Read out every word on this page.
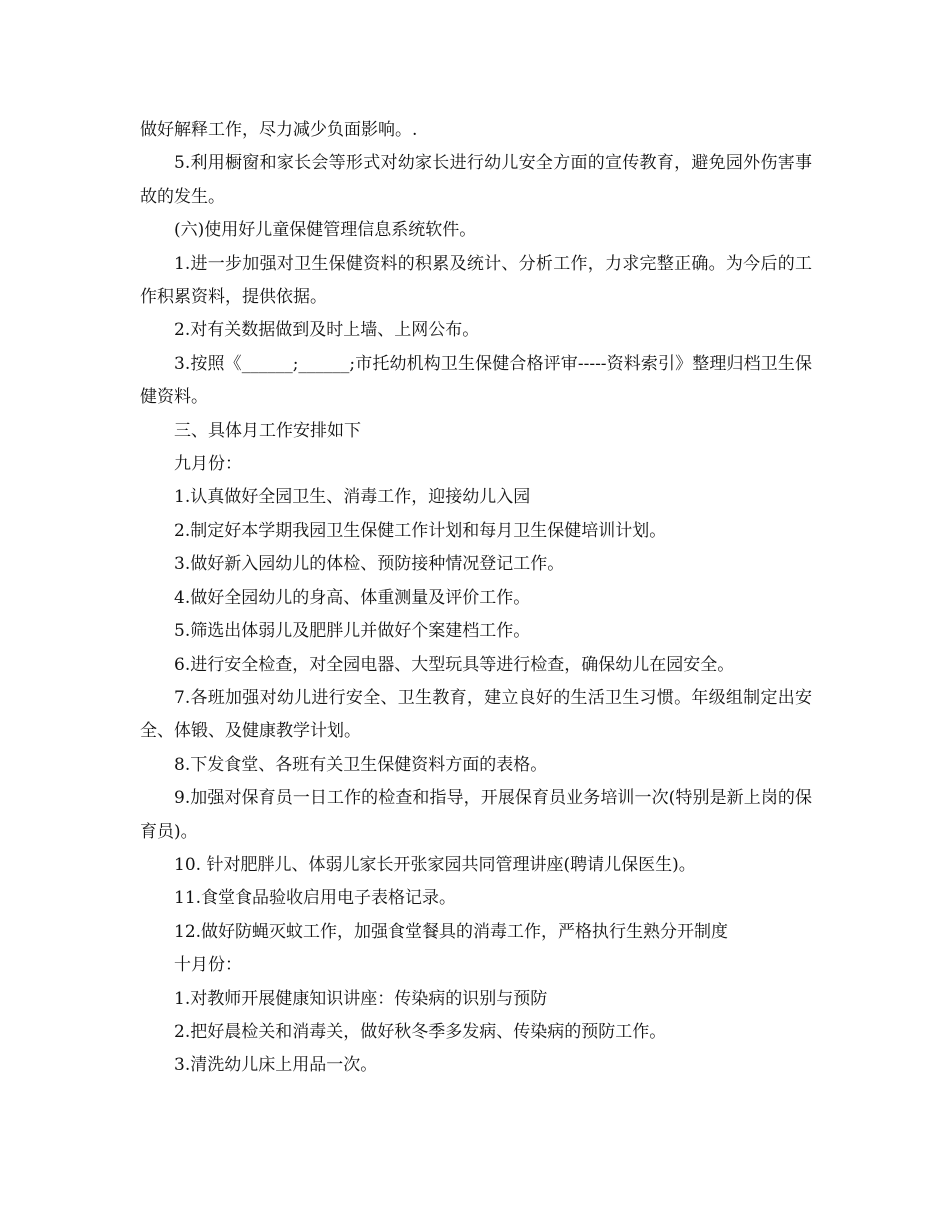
做好解释工作，尽力减少负面影响。.

5.利用橱窗和家长会等形式对幼家长进行幼儿安全方面的宣传教育，避免园外伤害事故的发生。

(六)使用好儿童保健管理信息系统软件。

1.进一步加强对卫生保健资料的积累及统计、分析工作，力求完整正确。为今后的工作积累资料，提供依据。

2.对有关数据做到及时上墙、上网公布。

3.按照《______;______;市托幼机构卫生保健合格评审-----资料索引》整理归档卫生保健资料。

三、具体月工作安排如下

九月份：

1.认真做好全园卫生、消毒工作，迎接幼儿入园

2.制定好本学期我园卫生保健工作计划和每月卫生保健培训计划。

3.做好新入园幼儿的体检、预防接种情况登记工作。

4.做好全园幼儿的身高、体重测量及评价工作。

5.筛选出体弱儿及肥胖儿并做好个案建档工作。

6.进行安全检查，对全园电器、大型玩具等进行检查，确保幼儿在园安全。

7.各班加强对幼儿进行安全、卫生教育，建立良好的生活卫生习惯。年级组制定出安全、体锻、及健康教学计划。

8.下发食堂、各班有关卫生保健资料方面的表格。

9.加强对保育员一日工作的检查和指导，开展保育员业务培训一次(特别是新上岗的保育员)。

10. 针对肥胖儿、体弱儿家长开张家园共同管理讲座(聘请儿保医生)。

11.食堂食品验收启用电子表格记录。

12.做好防蝇灭蚊工作，加强食堂餐具的消毒工作，严格执行生熟分开制度

十月份：

1.对教师开展健康知识讲座：传染病的识别与预防

2.把好晨检关和消毒关，做好秋冬季多发病、传染病的预防工作。

3.清洗幼儿床上用品一次。
